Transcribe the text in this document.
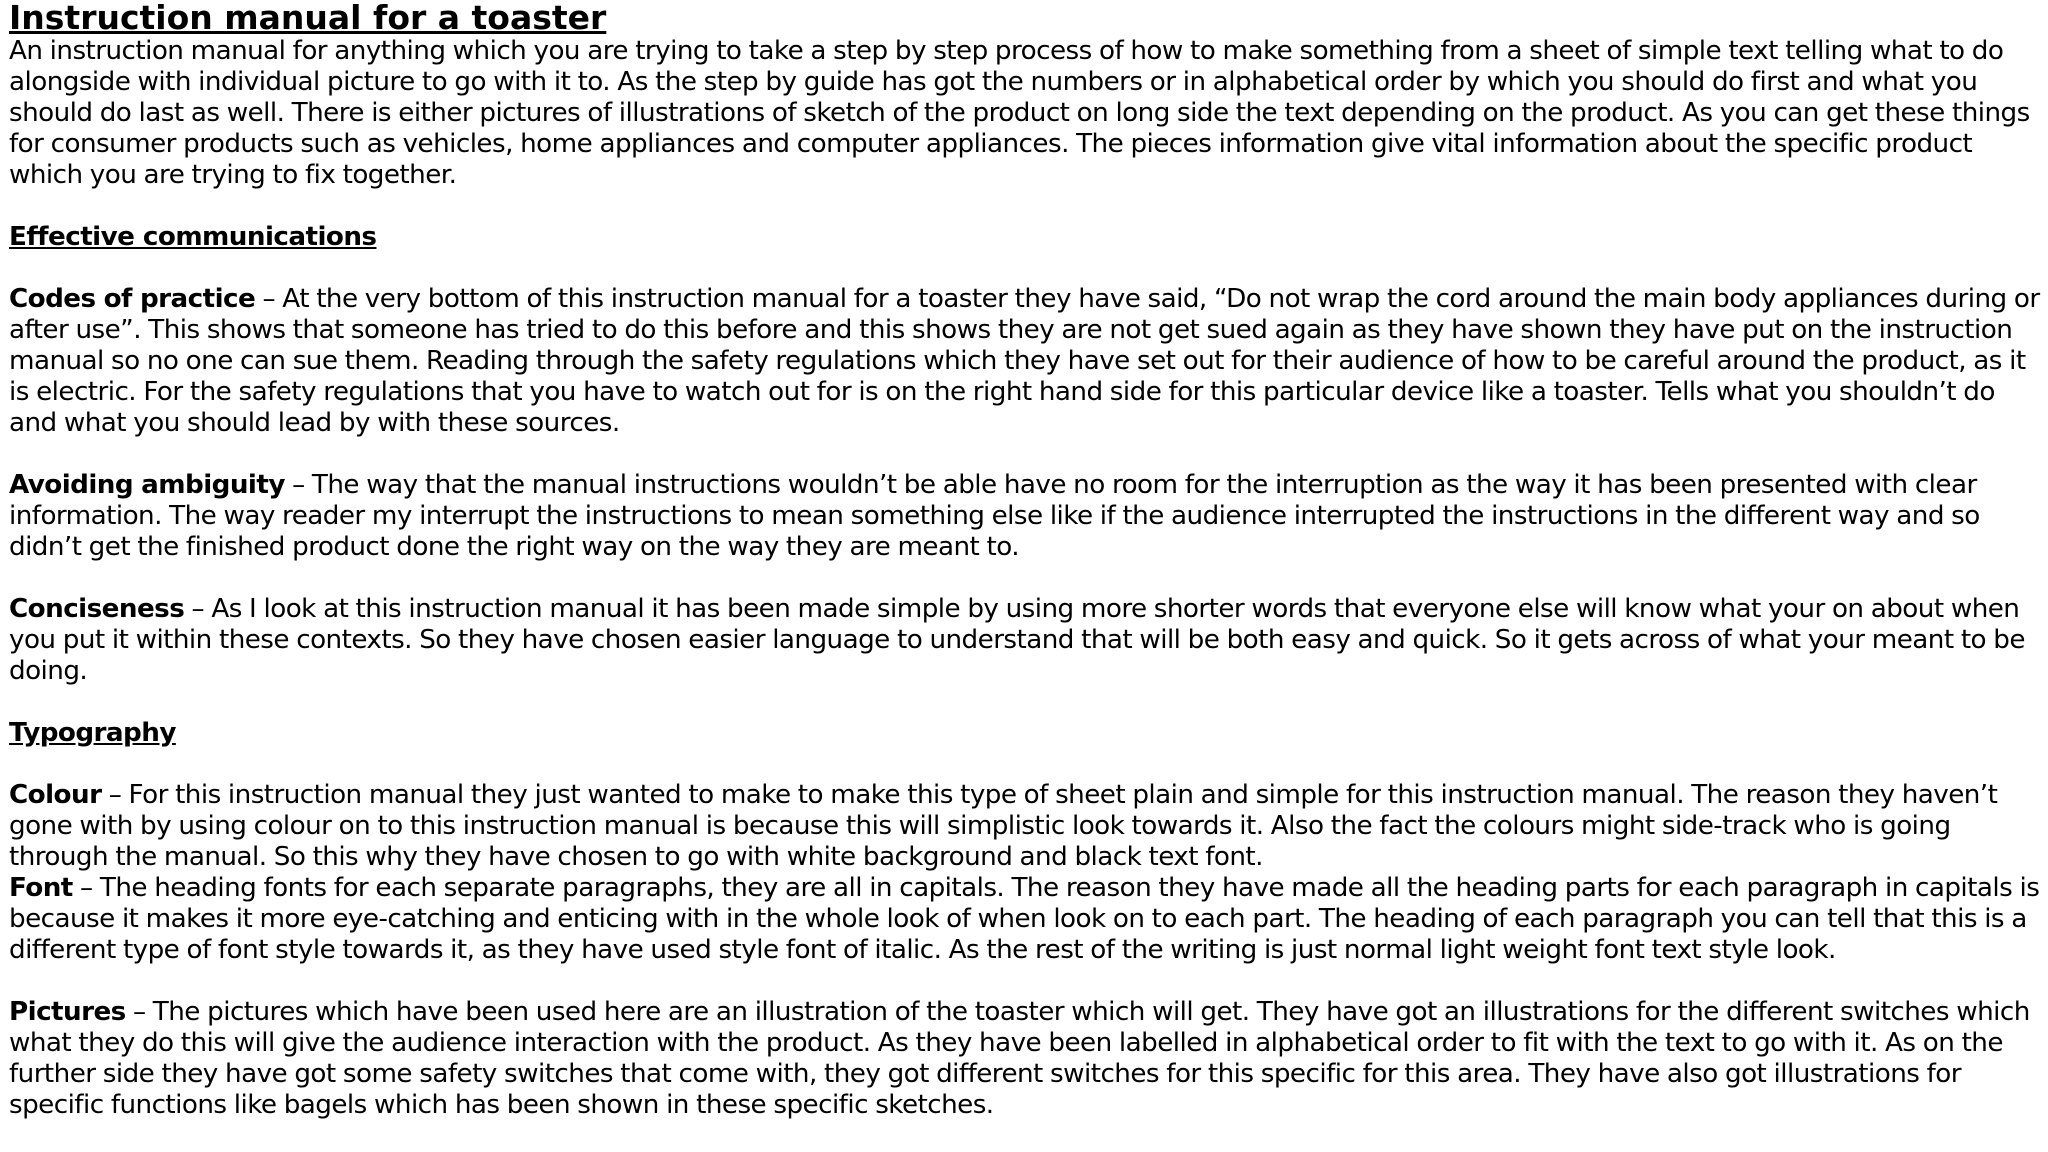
Instruction manual for a toaster

An instruction manual for anything which you are trying to take a step by step process of how to make something from a sheet of simple text telling what to do alongside with individual picture to go with it to. As the step by guide has got the numbers or in alphabetical order by which you should do first and what you should do last as well. There is either pictures of illustrations of sketch of the product on long side the text depending on the product. As you can get these things for consumer products such as vehicles, home appliances and computer appliances. The pieces information give vital information about the specific product which you are trying to fix together.

Effective communications

Codes of practice – At the very bottom of this instruction manual for a toaster they have said, “Do not wrap the cord around the main body appliances during or after use”. This shows that someone has tried to do this before and this shows they are not get sued again as they have shown they have put on the instruction manual so no one can sue them. Reading through the safety regulations which they have set out for their audience of how to be careful around the product, as it is electric. For the safety regulations that you have to watch out for is on the right hand side for this particular device like a toaster. Tells what you shouldn’t do and what you should lead by with these sources.

Avoiding ambiguity – The way that the manual instructions wouldn’t be able have no room for the interruption as the way it has been presented with clear information. The way reader my interrupt the instructions to mean something else like if the audience interrupted the instructions in the different way and so didn’t get the finished product done the right way on the way they are meant to.

Conciseness – As I look at this instruction manual it has been made simple by using more shorter words that everyone else will know what your on about when you put it within these contexts. So they have chosen easier language to understand that will be both easy and quick. So it gets across of what your meant to be doing.

Typography

Colour – For this instruction manual they just wanted to make to make this type of sheet plain and simple for this instruction manual. The reason they haven’t gone with by using colour on to this instruction manual is because this will simplistic look towards it. Also the fact the colours might side-track who is going through the manual. So this why they have chosen to go with white background and black text font.

Font – The heading fonts for each separate paragraphs, they are all in capitals. The reason they have made all the heading parts for each paragraph in capitals is because it makes it more eye-catching and enticing with in the whole look of when look on to each part. The heading of each paragraph you can tell that this is a different type of font style towards it, as they have used style font of italic. As the rest of the writing is just normal light weight font text style look.

Pictures – The pictures which have been used here are an illustration of the toaster which will get. They have got an illustrations for the different switches which what they do this will give the audience interaction with the product. As they have been labelled in alphabetical order to fit with the text to go with it. As on the further side they have got some safety switches that come with, they got different switches for this specific for this area. They have also got illustrations for specific functions like bagels which has been shown in these specific sketches.
